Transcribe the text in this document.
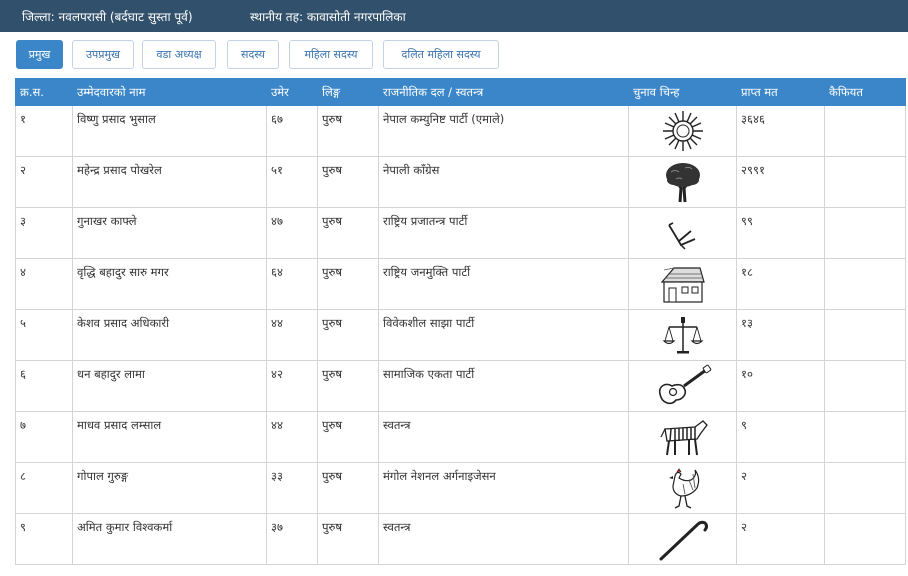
जिल्ला: नवलपरासी (बर्दघाट सुस्ता पूर्व)	स्थानीय तह: कावासोती नगरपालिका
प्रमुख	उपप्रमुख	वडा अध्यक्ष	सदस्य	महिला सदस्य	दलित महिला सदस्य
क्र.स.	उम्मेदवारको नाम	उमेर	लिङ्ग	राजनीतिक दल / स्वतन्त्र	चुनाव चिन्ह	प्राप्त मत	कैफियत
१	विष्णु प्रसाद भुसाल	६७	पुरुष	नेपाल कम्युनिष्ट पार्टी (एमाले)		३६४६	
२	महेन्द्र प्रसाद पोखरेल	५१	पुरुष	नेपाली काँग्रेस		२९९१	
३	गुनाखर काफ्ले	४७	पुरुष	राष्ट्रिय प्रजातन्त्र पार्टी		९९	
४	वृद्धि बहादुर सारु मगर	६४	पुरुष	राष्ट्रिय जनमुक्ति पार्टी		१८	
५	केशव प्रसाद अधिकारी	४४	पुरुष	विवेकशील साझा पार्टी		१३	
६	धन बहादुर लामा	४२	पुरुष	सामाजिक एकता पार्टी		१०	
७	माधव प्रसाद लम्साल	४४	पुरुष	स्वतन्त्र		९	
८	गोपाल गुरुङ्ग	३३	पुरुष	मंगोल नेशनल अर्गनाइजेसन		२	
९	अमित कुमार विश्वकर्मा	३७	पुरुष	स्वतन्त्र		२	
